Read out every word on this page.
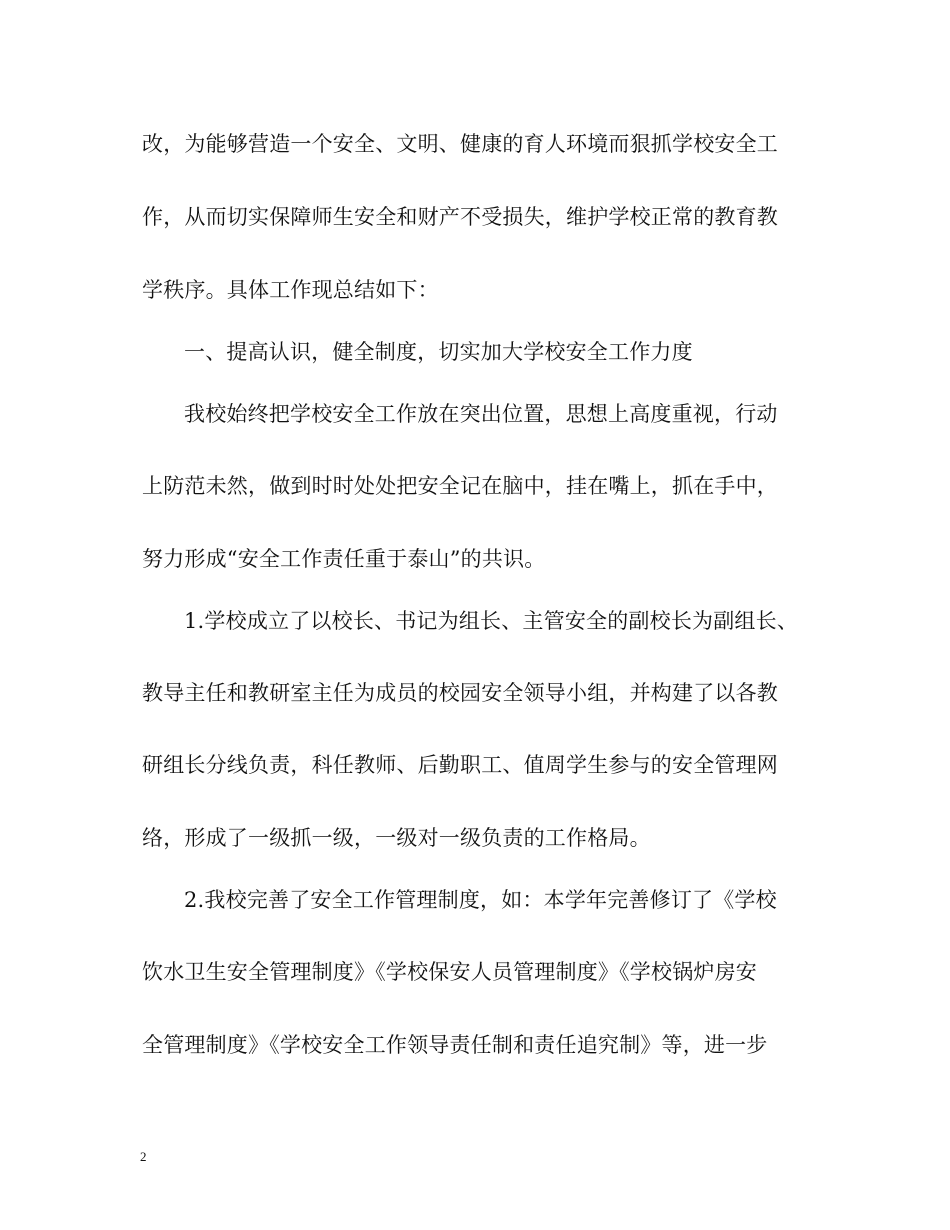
改，为能够营造一个安全、文明、健康的育人环境而狠抓学校安全工
作，从而切实保障师生安全和财产不受损失，维护学校正常的教育教
学秩序。具体工作现总结如下：
一、提高认识，健全制度，切实加大学校安全工作力度
我校始终把学校安全工作放在突出位置，思想上高度重视，行动
上防范未然，做到时时处处把安全记在脑中，挂在嘴上，抓在手中，
努力形成“安全工作责任重于泰山”的共识。
1.学校成立了以校长、书记为组长、主管安全的副校长为副组长、
教导主任和教研室主任为成员的校园安全领导小组，并构建了以各教
研组长分线负责，科任教师、后勤职工、值周学生参与的安全管理网
络，形成了一级抓一级，一级对一级负责的工作格局。
2.我校完善了安全工作管理制度，如：本学年完善修订了《学校
饮水卫生安全管理制度》《学校保安人员管理制度》《学校锅炉房安
全管理制度》《学校安全工作领导责任制和责任追究制》等，进一步
2
